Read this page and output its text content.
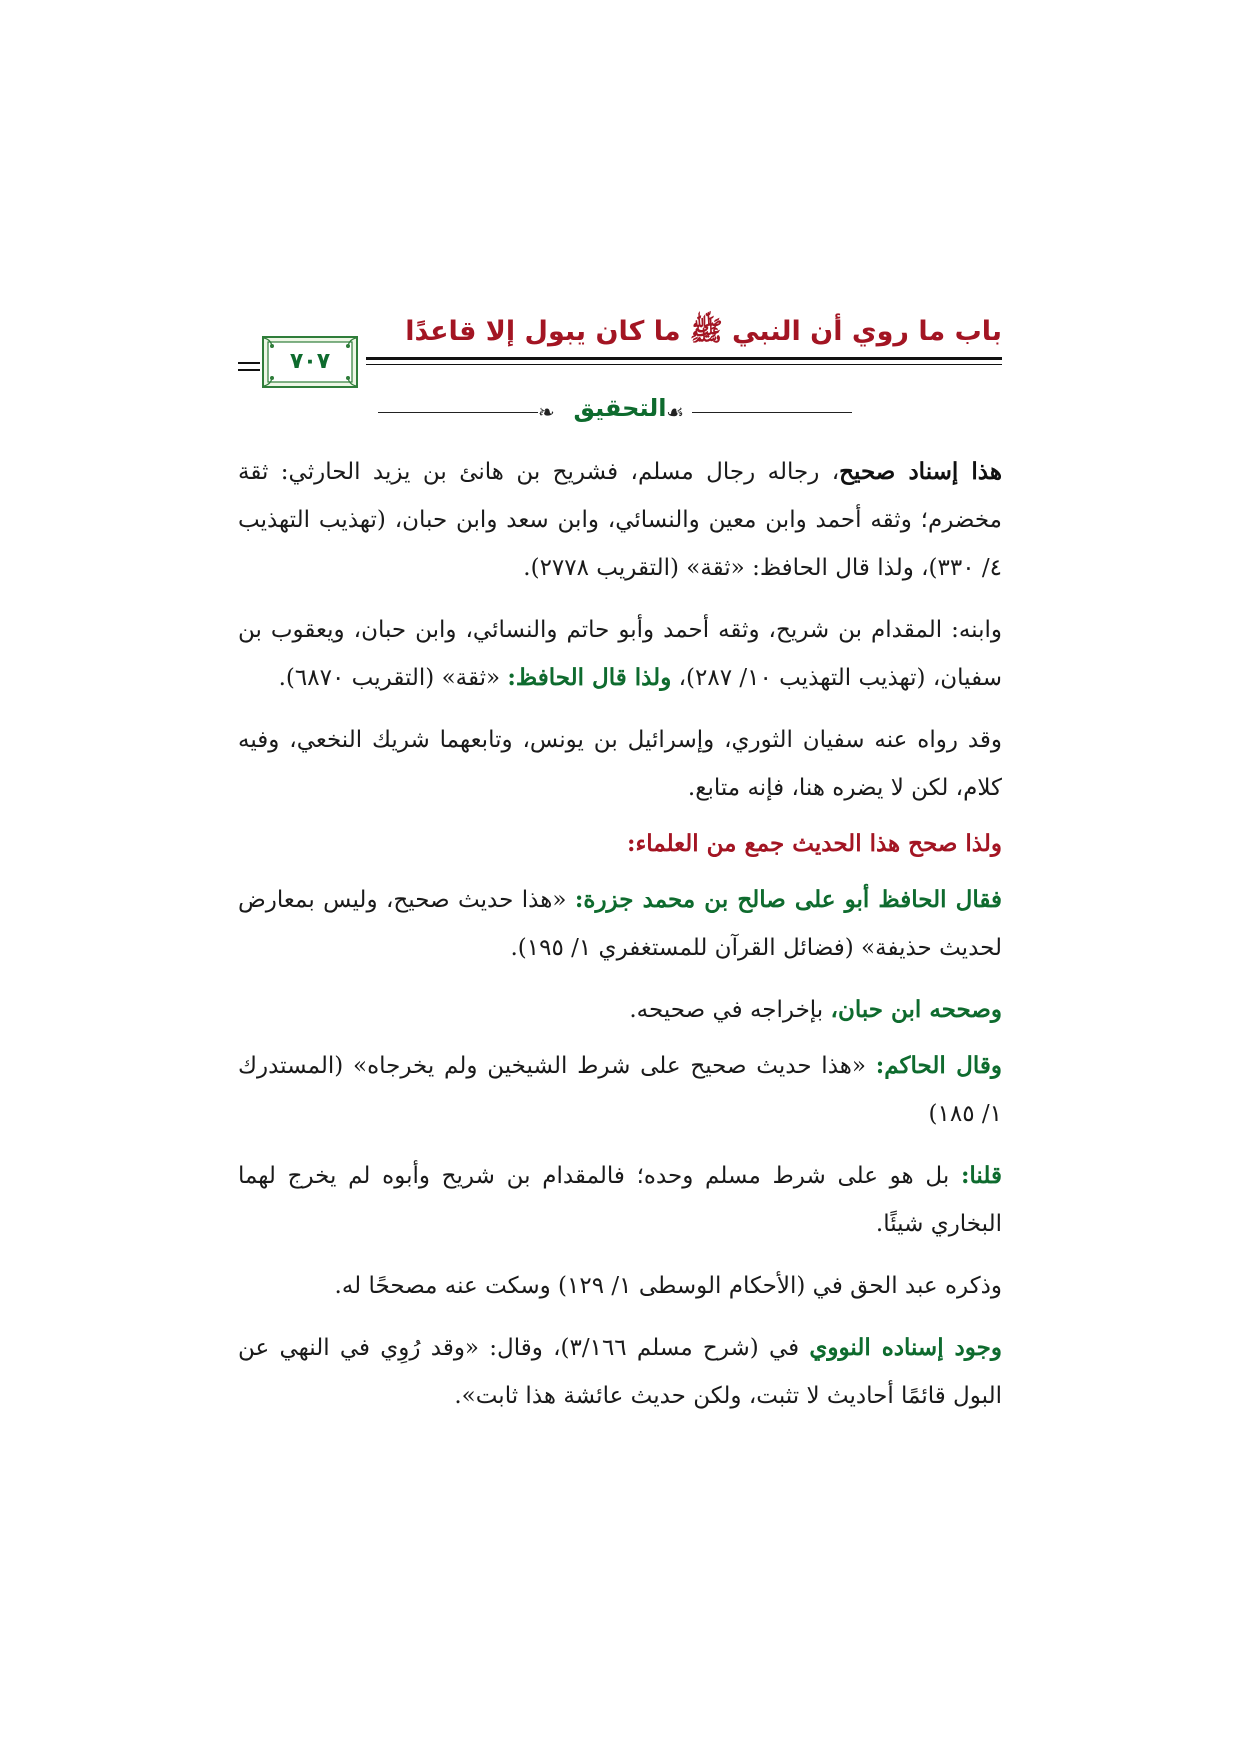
باب ما روي أن النبي ﷺ ما كان يبول إلا قاعدًا
٧٠٧
❧	☙
التحقيق

هذا إسناد صحيح، رجاله رجال مسلم، فشريح بن هانئ بن يزيد الحارثي: ثقة مخضرم؛ وثقه أحمد وابن معين والنسائي، وابن سعد وابن حبان، (تهذيب التهذيب ٤/ ٣٣٠)، ولذا قال الحافظ: «ثقة» (التقريب ٢٧٧٨).

وابنه: المقدام بن شريح، وثقه أحمد وأبو حاتم والنسائي، وابن حبان، ويعقوب بن سفيان، (تهذيب التهذيب ١٠/ ٢٨٧)، ولذا قال الحافظ: «ثقة» (التقريب ٦٨٧٠).

وقد رواه عنه سفيان الثوري، وإسرائيل بن يونس، وتابعهما شريك النخعي، وفيه كلام، لكن لا يضره هنا، فإنه متابع.

ولذا صحح هذا الحديث جمع من العلماء:

فقال الحافظ أبو على صالح بن محمد جزرة: «هذا حديث صحيح، وليس بمعارض لحديث حذيفة» (فضائل القرآن للمستغفري ١/ ١٩٥).

وصححه ابن حبان، بإخراجه في صحيحه.

وقال الحاكم: «هذا حديث صحيح على شرط الشيخين ولم يخرجاه» (المستدرك ١/ ١٨٥)

قلنا: بل هو على شرط مسلم وحده؛ فالمقدام بن شريح وأبوه لم يخرج لهما البخاري شيئًا.

وذكره عبد الحق في (الأحكام الوسطى ١/ ١٢٩) وسكت عنه مصححًا له.

وجود إسناده النووي في (شرح مسلم ٣/١٦٦)، وقال: «وقد رُوِي في النهي عن البول قائمًا أحاديث لا تثبت، ولكن حديث عائشة هذا ثابت».
